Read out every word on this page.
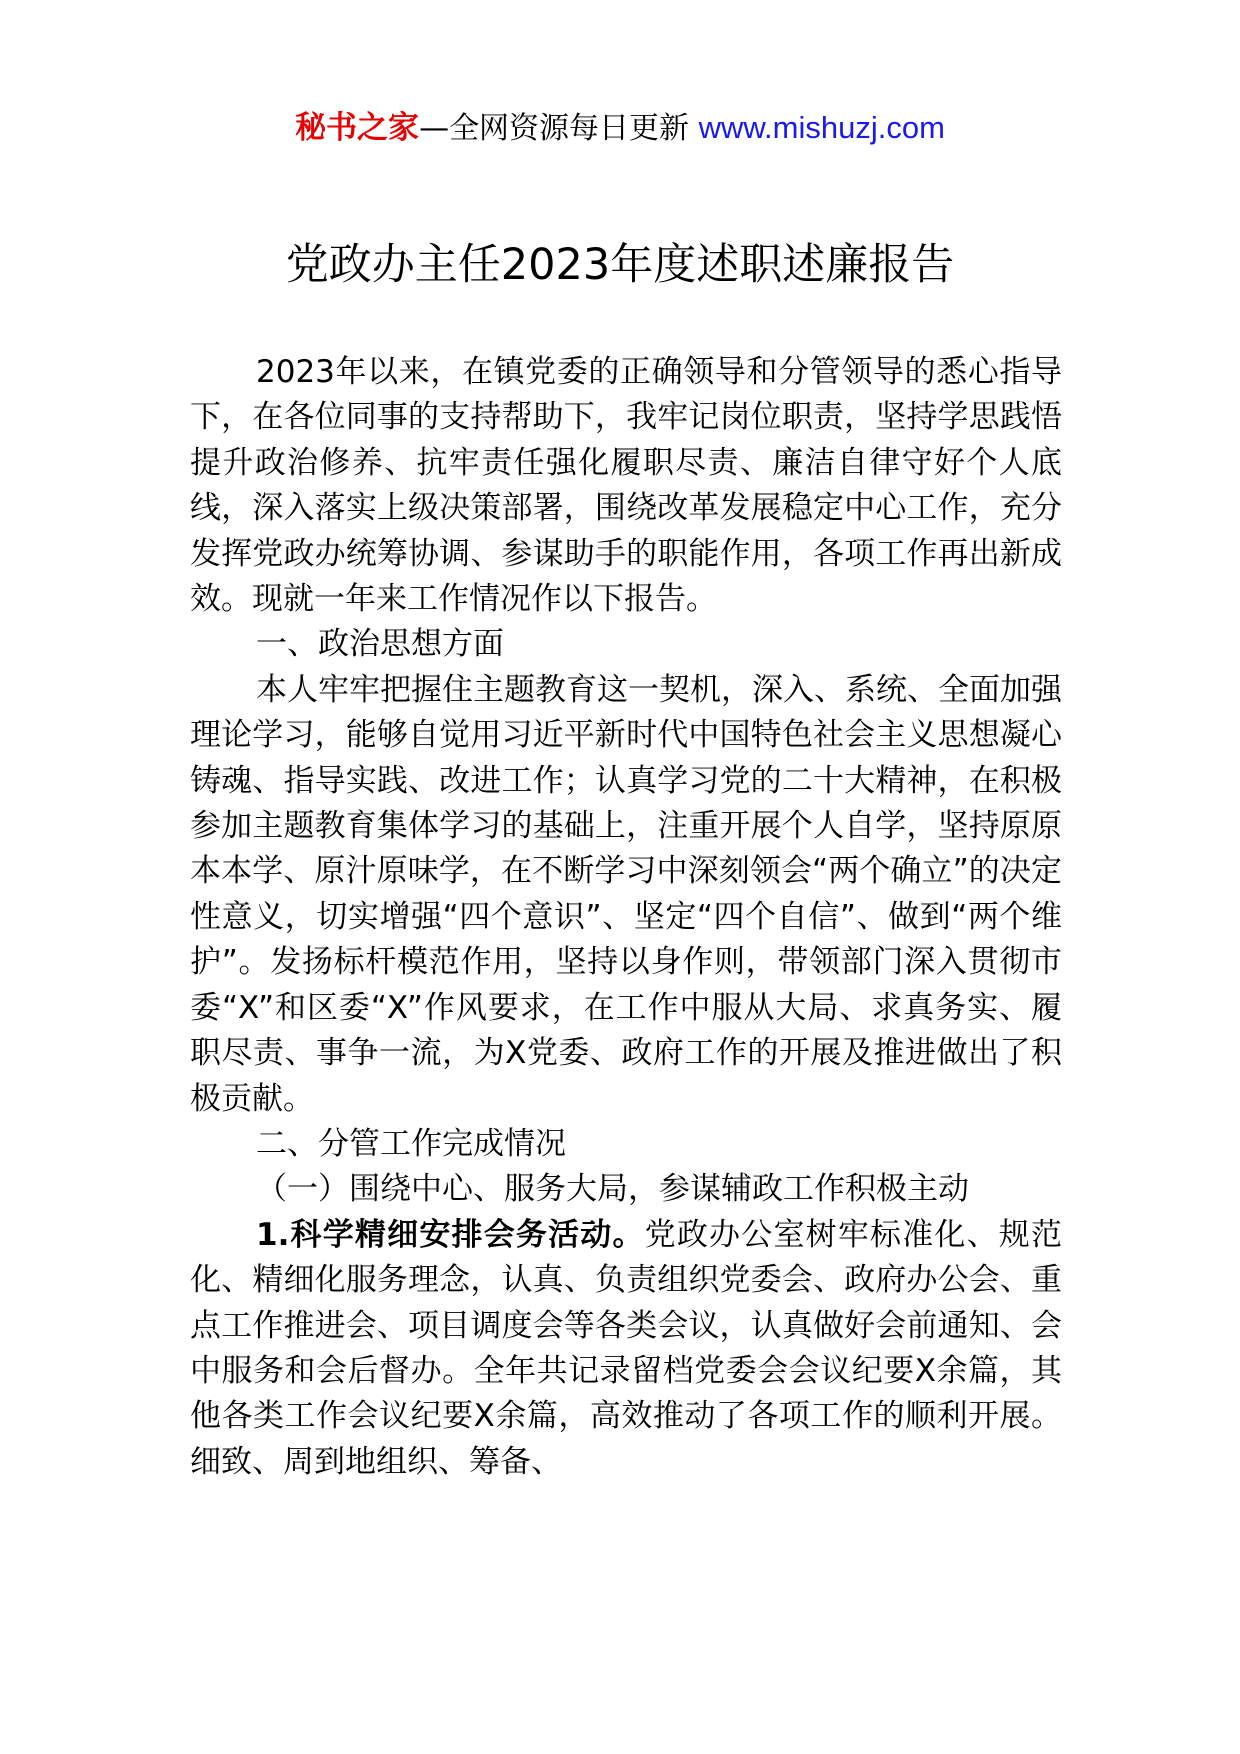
秘书之家—全网资源每日更新 www.mishuzj.com
党政办主任2023年度述职述廉报告

2023年以来，在镇党委的正确领导和分管领导的悉心指导下，在各位同事的支持帮助下，我牢记岗位职责，坚持学思践悟提升政治修养、抗牢责任强化履职尽责、廉洁自律守好个人底线，深入落实上级决策部署，围绕改革发展稳定中心工作，充分发挥党政办统筹协调、参谋助手的职能作用，各项工作再出新成效。现就一年来工作情况作以下报告。

一、政治思想方面

本人牢牢把握住主题教育这一契机，深入、系统、全面加强理论学习，能够自觉用习近平新时代中国特色社会主义思想凝心铸魂、指导实践、改进工作；认真学习党的二十大精神，在积极参加主题教育集体学习的基础上，注重开展个人自学，坚持原原本本学、原汁原味学，在不断学习中深刻领会“两个确立”的决定性意义，切实增强“四个意识”、坚定“四个自信”、做到“两个维护”。发扬标杆模范作用，坚持以身作则，带领部门深入贯彻市委“X”和区委“X”作风要求，在工作中服从大局、求真务实、履职尽责、事争一流，为X党委、政府工作的开展及推进做出了积极贡献。

二、分管工作完成情况

（一）围绕中心、服务大局，参谋辅政工作积极主动

1.科学精细安排会务活动。党政办公室树牢标准化、规范化、精细化服务理念，认真、负责组织党委会、政府办公会、重点工作推进会、项目调度会等各类会议，认真做好会前通知、会中服务和会后督办。全年共记录留档党委会会议纪要X余篇，其他各类工作会议纪要X余篇，高效推动了各项工作的顺利开展。细致、周到地组织、筹备、
